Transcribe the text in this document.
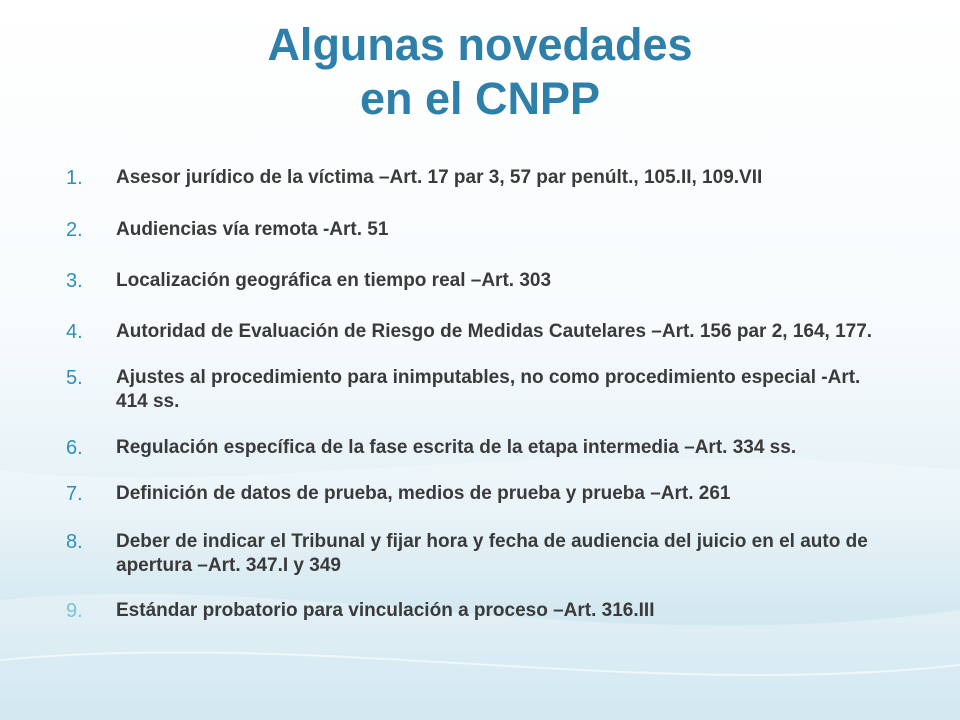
Algunas novedades
en el CNPP
1. Asesor jurídico de la víctima –Art. 17 par 3, 57 par penúlt., 105.II, 109.VII
2. Audiencias vía remota -Art. 51
3. Localización geográfica en tiempo real –Art. 303
4. Autoridad de Evaluación de Riesgo de Medidas Cautelares –Art. 156 par 2, 164, 177.
5. Ajustes al procedimiento para inimputables, no como procedimiento especial -Art. 414 ss.
6. Regulación específica de la fase escrita de la etapa intermedia –Art. 334 ss.
7. Definición de datos de prueba, medios de prueba y prueba –Art. 261
8. Deber de indicar el Tribunal y fijar hora y fecha de audiencia del juicio en el auto de apertura –Art. 347.I y 349
9. Estándar probatorio para vinculación a proceso –Art. 316.III
